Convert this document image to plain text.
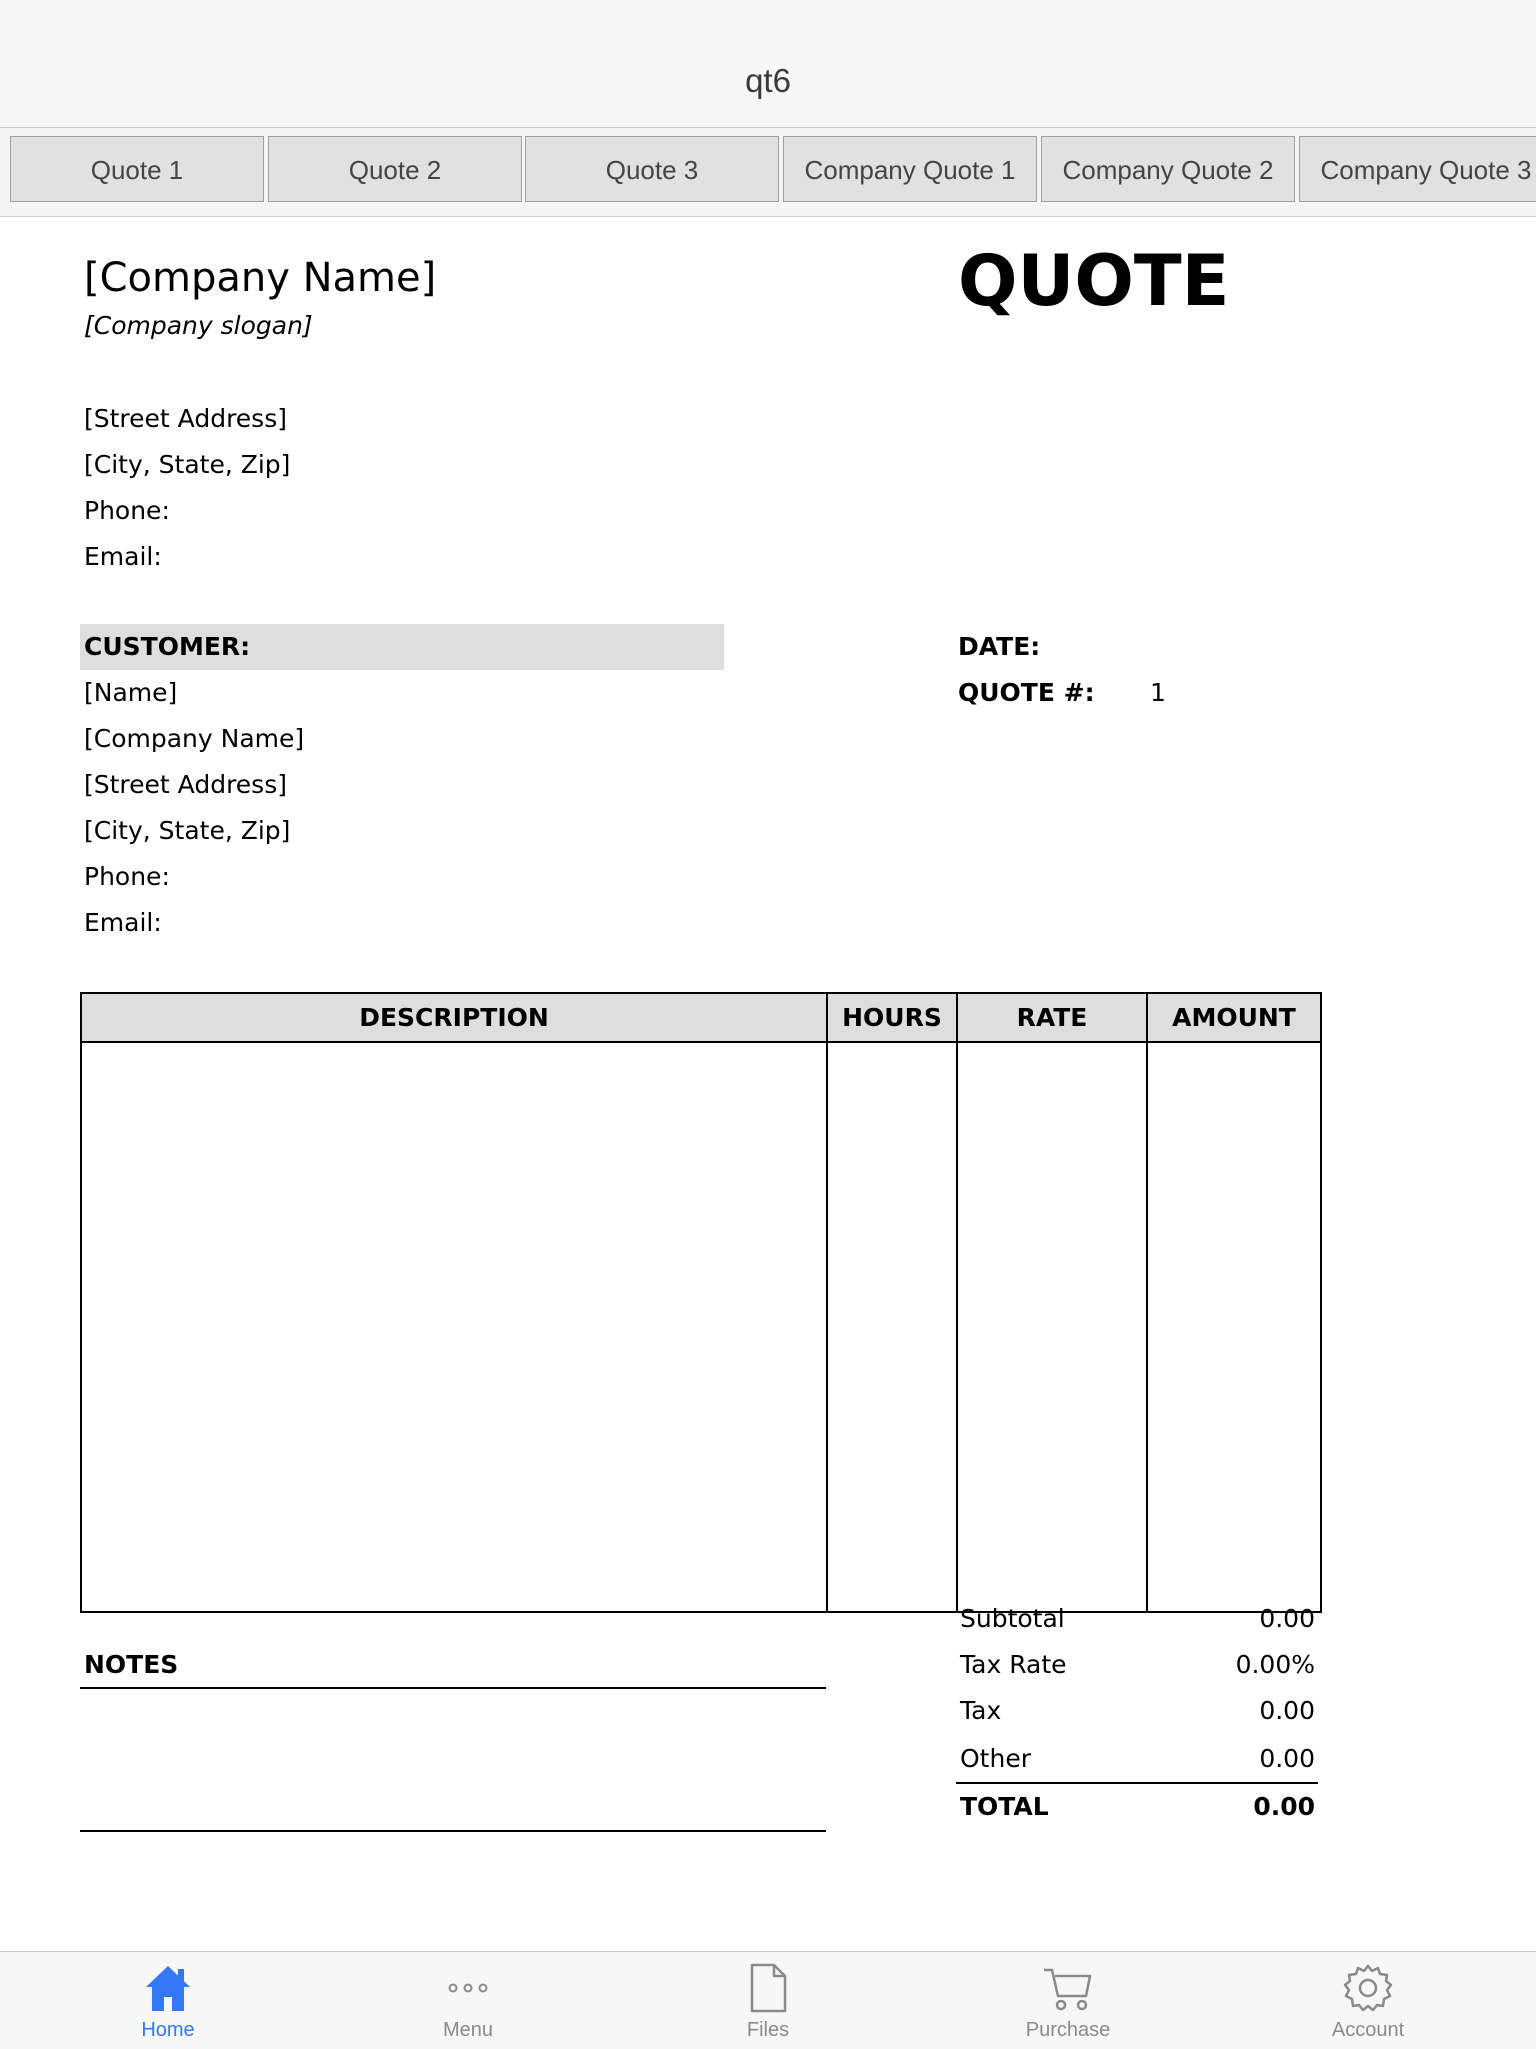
qt6
Quote 1	Quote 2	Quote 3	Company Quote 1	Company Quote 2	Company Quote 3
[Company Name]
[Company slogan]
QUOTE
[Street Address]
[City, State, Zip]
Phone:
Email:
CUSTOMER:	DATE:
QUOTE #: 1
[Name]
[Company Name]
[Street Address]
[City, State, Zip]
Phone:
Email:
DESCRIPTION	HOURS	RATE	AMOUNT

NOTES
Subtotal	0.00
Tax Rate	0.00%
Tax	0.00
Other	0.00
TOTAL	0.00
Home	Menu	Files	Purchase	Account
